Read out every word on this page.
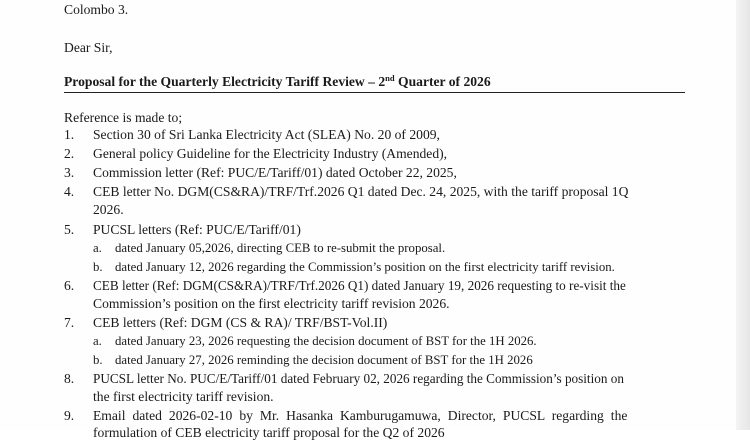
Colombo 3.
Dear Sir,
Proposal for the Quarterly Electricity Tariff Review – 2nd Quarter of 2026
Reference is made to;
1. Section 30 of Sri Lanka Electricity Act (SLEA) No. 20 of 2009,
2. General policy Guideline for the Electricity Industry (Amended),
3. Commission letter (Ref: PUC/E/Tariff/01) dated October 22, 2025,
4. CEB letter No. DGM(CS&RA)/TRF/Trf.2026 Q1 dated Dec. 24, 2025, with the tariff proposal 1Q
2026.
5. PUCSL letters (Ref: PUC/E/Tariff/01)
a. dated January 05,2026, directing CEB to re-submit the proposal.
b. dated January 12, 2026 regarding the Commission’s position on the first electricity tariff revision.
6. CEB letter (Ref: DGM(CS&RA)/TRF/Trf.2026 Q1) dated January 19, 2026 requesting to re-visit the
Commission’s position on the first electricity tariff revision 2026.
7. CEB letters (Ref: DGM (CS & RA)/ TRF/BST-Vol.II)
a. dated January 23, 2026 requesting the decision document of BST for the 1H 2026.
b. dated January 27, 2026 reminding the decision document of BST for the 1H 2026
8. PUCSL letter No. PUC/E/Tariff/01 dated February 02, 2026 regarding the Commission’s position on
the first electricity tariff revision.
9. Email dated 2026-02-10 by Mr. Hasanka Kamburugamuwa, Director, PUCSL regarding the
formulation of CEB electricity tariff proposal for the Q2 of 2026
